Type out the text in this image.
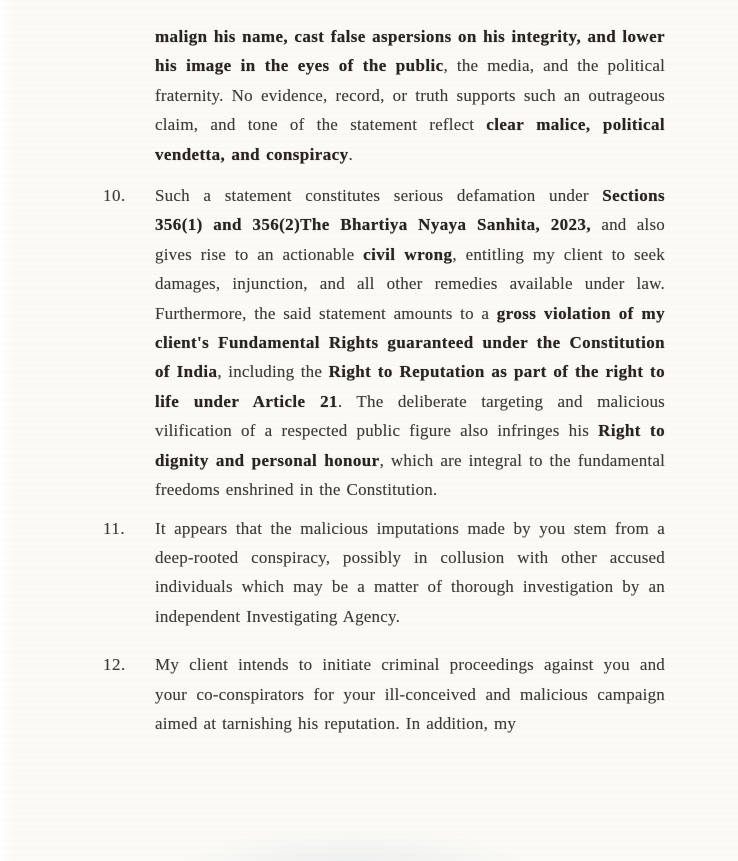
malign his name, cast false aspersions on his integrity, and lower his image in the eyes of the public, the media, and the political fraternity. No evidence, record, or truth supports such an outrageous claim, and tone of the statement reflect clear malice, political vendetta, and conspiracy.
10.	Such a statement constitutes serious defamation under Sections 356(1) and 356(2)The Bhartiya Nyaya Sanhita, 2023, and also gives rise to an actionable civil wrong, entitling my client to seek damages, injunction, and all other remedies available under law. Furthermore, the said statement amounts to a gross violation of my client's Fundamental Rights guaranteed under the Constitution of India, including the Right to Reputation as part of the right to life under Article 21. The deliberate targeting and malicious vilification of a respected public figure also infringes his Right to dignity and personal honour, which are integral to the fundamental freedoms enshrined in the Constitution.
11.	It appears that the malicious imputations made by you stem from a deep-rooted conspiracy, possibly in collusion with other accused individuals which may be a matter of thorough investigation by an independent Investigating Agency.
12.	My client intends to initiate criminal proceedings against you and your co-conspirators for your ill-conceived and malicious campaign aimed at tarnishing his reputation. In addition, my
